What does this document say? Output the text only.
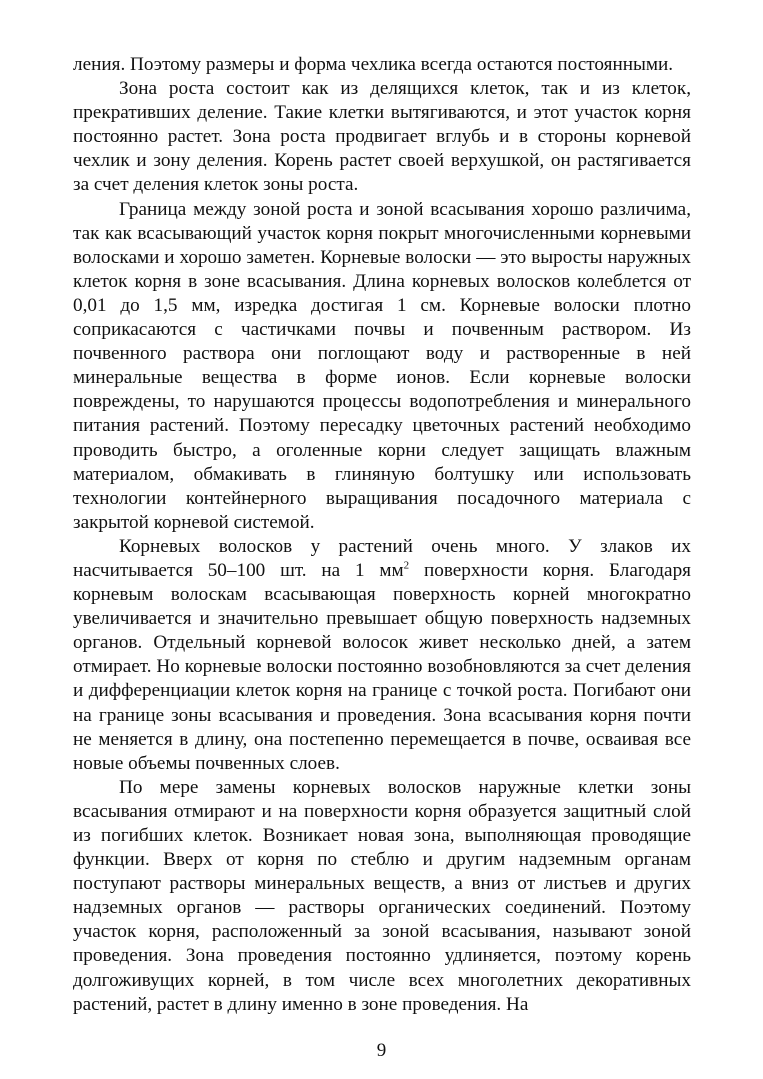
ления. Поэтому размеры и форма чехлика всегда остаются постоянными.

Зона роста состоит как из делящихся клеток, так и из клеток, прекративших деление. Такие клетки вытягиваются, и этот участок корня постоянно растет. Зона роста продвигает вглубь и в стороны корневой чехлик и зону деления. Корень растет своей верхушкой, он растягивается за счет деления клеток зоны роста.

Граница между зоной роста и зоной всасывания хорошо различима, так как всасывающий участок корня покрыт многочисленными корневыми волосками и хорошо заметен. Корневые волоски — это выросты наружных клеток корня в зоне всасывания. Длина корневых волосков колеблется от 0,01 до 1,5 мм, изредка достигая 1 см. Корневые волоски плотно соприкасаются с частичками почвы и почвенным раствором. Из почвенного раствора они поглощают воду и растворенные в ней минеральные вещества в форме ионов. Если корневые волоски повреждены, то нарушаются процессы водопотребления и минерального питания растений. Поэтому пересадку цветочных растений необходимо проводить быстро, а оголенные корни следует защищать влажным материалом, обмакивать в глиняную болтушку или использовать технологии контейнерного выращивания посадочного материала с закрытой корневой системой.

Корневых волосков у растений очень много. У злаков их насчитывается 50–100 шт. на 1 $мм^2$ поверхности корня. Благодаря корневым волоскам всасывающая поверхность корней многократно увеличивается и значительно превышает общую поверхность надземных органов. Отдельный корневой волосок живет несколько дней, а затем отмирает. Но корневые волоски постоянно возобновляются за счет деления и дифференциации клеток корня на границе с точкой роста. Погибают они на границе зоны всасывания и проведения. Зона всасывания корня почти не меняется в длину, она постепенно перемещается в почве, осваивая все новые объемы почвенных слоев.

По мере замены корневых волосков наружные клетки зоны всасывания отмирают и на поверхности корня образуется защитный слой из погибших клеток. Возникает новая зона, выполняющая проводящие функции. Вверх от корня по стеблю и другим надземным органам поступают растворы минеральных веществ, а вниз от листьев и других надземных органов — растворы органических соединений. Поэтому участок корня, расположенный за зоной всасывания, называют зоной проведения. Зона проведения постоянно удлиняется, поэтому корень долгоживущих корней, в том числе всех многолетних декоративных растений, растет в длину именно в зоне проведения. На

9
